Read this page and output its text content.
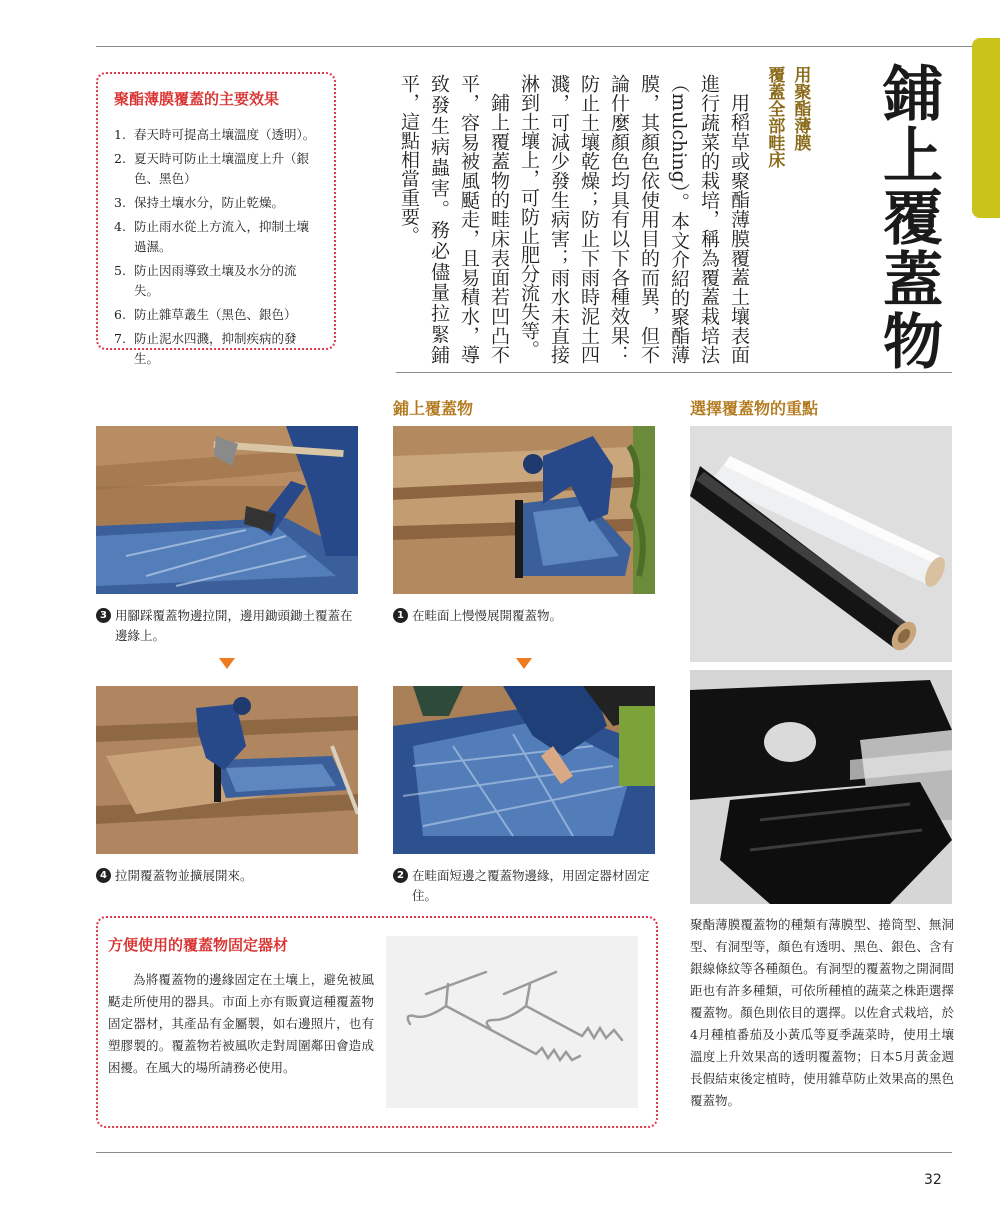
鋪上覆蓋物
用聚酯薄膜
覆蓋全部畦床

用稻草或聚酯薄膜覆蓋土壤表面進行蔬菜的栽培，稱為覆蓋栽培法（mulching）。本文介紹的聚酯薄膜，其顏色依使用目的而異，但不論什麼顏色均具有以下各種效果：防止土壤乾燥；防止下雨時泥土四濺，可減少發生病害；雨水未直接淋到土壤上，可防止肥分流失等。

鋪上覆蓋物的畦床表面若凹凸不平，容易被風颳走，且易積水，導致發生病蟲害。務必儘量拉緊鋪平，這點相當重要。

聚酯薄膜覆蓋的主要效果
1. 春天時可提高土壤溫度（透明）。
2. 夏天時可防止土壤溫度上升（銀色、黑色）
3. 保持土壤水分，防止乾燥。
4. 防止雨水從上方流入，抑制土壤過濕。
5. 防止因雨導致土壤及水分的流失。
6. 防止雜草叢生（黑色、銀色）
7. 防止泥水四濺，抑制疾病的發生。
鋪上覆蓋物	選擇覆蓋物的重點
3 用腳踩覆蓋物邊拉開，邊用鋤頭鋤土覆蓋在邊緣上。
1 在畦面上慢慢展開覆蓋物。
4 拉開覆蓋物並擴展開來。	2 在畦面短邊之覆蓋物邊緣，用固定器材固定住。
聚酯薄膜覆蓋物的種類有薄膜型、捲筒型、無洞型、有洞型等，顏色有透明、黑色、銀色、含有銀線條紋等各種顏色。有洞型的覆蓋物之開洞間距也有許多種類，可依所種植的蔬菜之株距選擇覆蓋物。顏色則依目的選擇。以佐倉式栽培，於4月種植番茄及小黃瓜等夏季蔬菜時，使用土壤溫度上升效果高的透明覆蓋物；日本5月黃金週長假結束後定植時，使用雜草防止效果高的黑色覆蓋物。
方便使用的覆蓋物固定器材
為將覆蓋物的邊緣固定在土壤上，避免被風颳走所使用的器具。市面上亦有販賣這種覆蓋物固定器材，其產品有金屬製，如右邊照片，也有塑膠製的。覆蓋物若被風吹走對周圍鄰田會造成困擾。在風大的場所請務必使用。
32
